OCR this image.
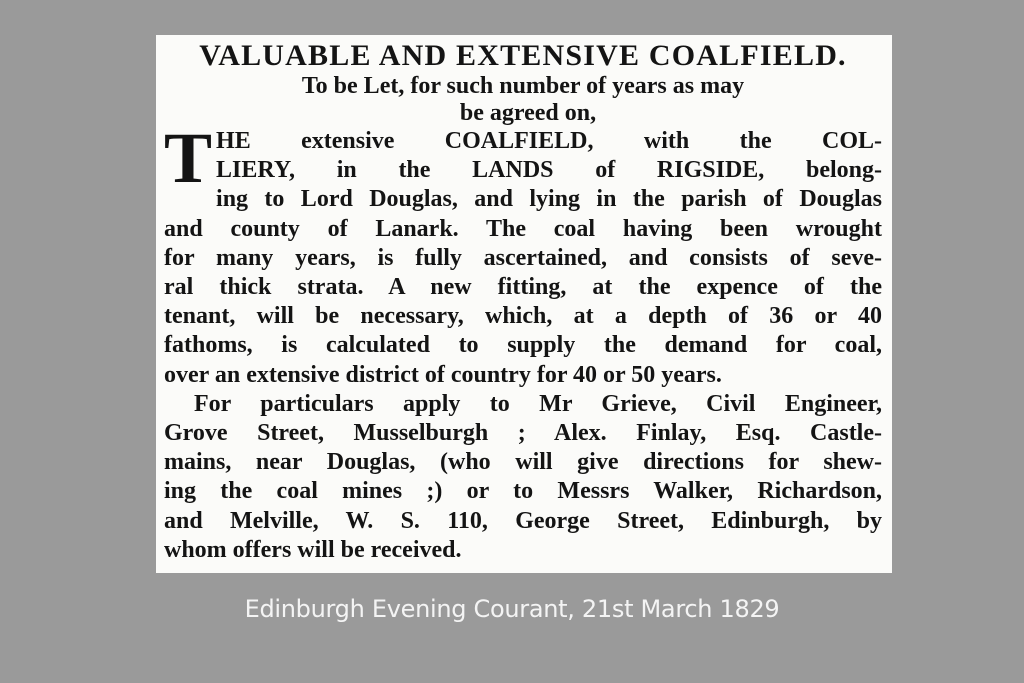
VALUABLE AND EXTENSIVE COALFIELD.
To be Let, for such number of years as may
be agreed on,
T HE extensive COALFIELD, with the COL-
LIERY, in the LANDS of RIGSIDE, belong-
ing to Lord Douglas, and lying in the parish of Douglas
and county of Lanark. The coal having been wrought
for many years, is fully ascertained, and consists of seve-
ral thick strata. A new fitting, at the expence of the
tenant, will be necessary, which, at a depth of 36 or 40
fathoms, is calculated to supply the demand for coal,
over an extensive district of country for 40 or 50 years.
For particulars apply to Mr Grieve, Civil Engineer,
Grove Street, Musselburgh ; Alex. Finlay, Esq. Castle-
mains, near Douglas, (who will give directions for shew-
ing the coal mines ;) or to Messrs Walker, Richardson,
and Melville, W. S. 110, George Street, Edinburgh, by
whom offers will be received.
Edinburgh Evening Courant, 21st March 1829
